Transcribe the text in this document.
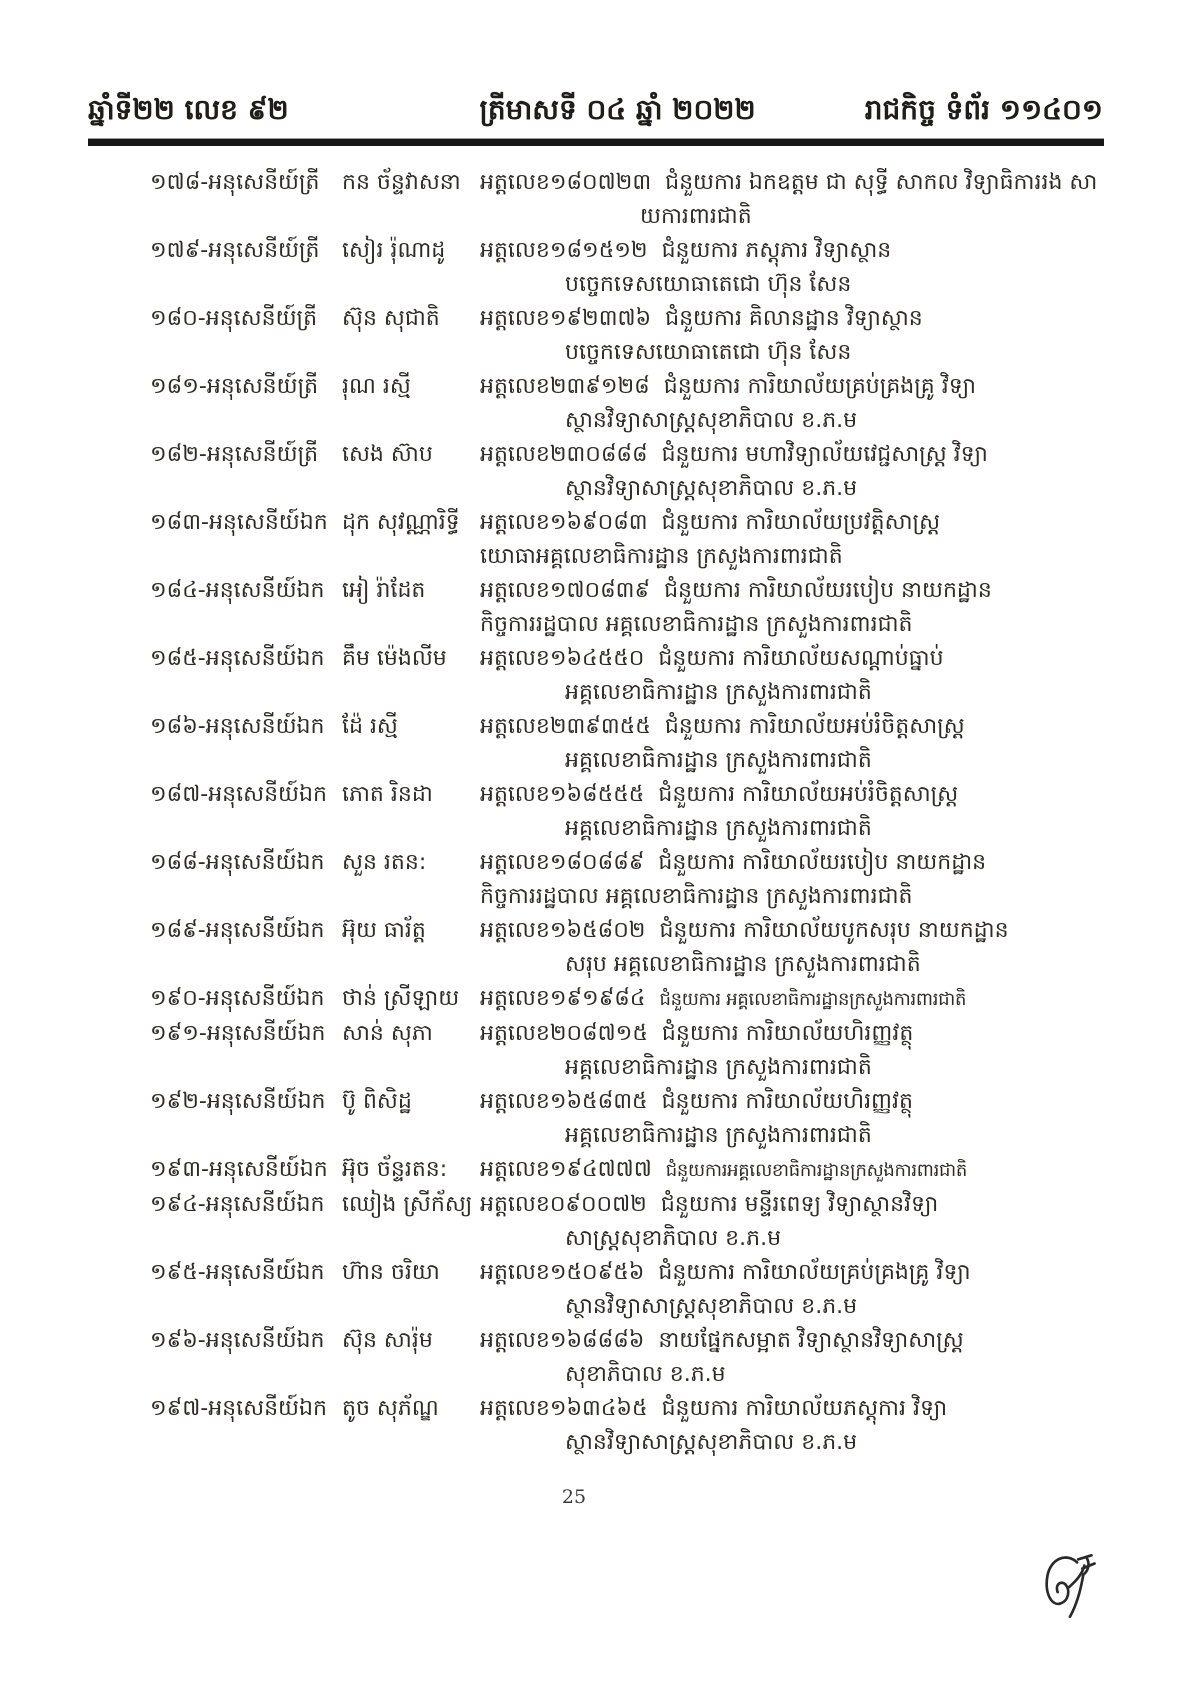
ឆ្នាំទី២២ លេខ ៩២	ត្រីមាសទី ០៤ ឆ្នាំ ២០២២	រាជកិច្ច ទំព័រ ១១៤០១
១៧៨-អនុសេនីយ៍ត្រី	កន ច័ន្ទវាសនា អត្តលេខ១៨០៧២៣ ជំនួយការ ឯកឧត្តម ជា សុទ្ធី សាកល វិទ្យាធិការរង សា
យការពារជាតិ
១៧៩-អនុសេនីយ៍ត្រី	សៀរ រ៉ុណាដូ	អត្តលេខ១៨១៥១២ ជំនួយការ ភស្តុភារ វិទ្យាស្ថាន
បច្ចេកទេសយោធាតេជោ ហ៊ុន សែន
១៨០-អនុសេនីយ៍ត្រី	ស៊ុន សុជាតិ	អត្តលេខ១៩២៣៧៦ ជំនួយការ គិលានដ្ឋាន វិទ្យាស្ថាន
បច្ចេកទេសយោធាតេជោ ហ៊ុន សែន
១៨១-អនុសេនីយ៍ត្រី	រុណ រស្មី	អត្តលេខ២៣៩១២៨ ជំនួយការ ការិយាល័យគ្រប់គ្រងគ្រូ វិទ្យា
ស្ថានវិទ្យាសាស្ត្រសុខាភិបាល ខ.ភ.ម
១៨២-អនុសេនីយ៍ត្រី	សេង ស៊ាប	អត្តលេខ២៣០៨៨៨ ជំនួយការ មហាវិទ្យាល័យវេជ្ជសាស្ត្រ វិទ្យា
ស្ថានវិទ្យាសាស្ត្រសុខាភិបាល ខ.ភ.ម
១៨៣-អនុសេនីយ៍ឯក ដុក សុវណ្ណារិទ្ធី អត្តលេខ១៦៩០៨៣ ជំនួយការ ការិយាល័យប្រវត្តិសាស្ត្រ
យោធាអគ្គលេខាធិការដ្ឋាន ក្រសួងការពារជាតិ
១៨៤-អនុសេនីយ៍ឯក អៀ រ៉ាដែត	អត្តលេខ១៧០៨៣៩ ជំនួយការ ការិយាល័យរបៀប នាយកដ្ឋាន
កិច្ចការរដ្ឋបាល អគ្គលេខាធិការដ្ឋាន ក្រសួងការពារជាតិ
១៨៥-អនុសេនីយ៍ឯក គឹម ម៉េងលីម	អត្តលេខ១៦៤៥៥០ ជំនួយការ ការិយាល័យសណ្ដាប់ធ្នាប់
អគ្គលេខាធិការដ្ឋាន ក្រសួងការពារជាតិ
១៨៦-អនុសេនីយ៍ឯក ដ៉ែ រស្មី	អត្តលេខ២៣៩៣៥៥ ជំនួយការ ការិយាល័យអប់រំចិត្តសាស្ត្រ
អគ្គលេខាធិការដ្ឋាន ក្រសួងការពារជាតិ
១៨៧-អនុសេនីយ៍ឯក ភោត រិនដា	អត្តលេខ១៦៨៥៥៥ ជំនួយការ ការិយាល័យអប់រំចិត្តសាស្ត្រ
អគ្គលេខាធិការដ្ឋាន ក្រសួងការពារជាតិ
១៨៨-អនុសេនីយ៍ឯក សួន រតន:	អត្តលេខ១៨០៨៨៩ ជំនួយការ ការិយាល័យរបៀប នាយកដ្ឋាន
កិច្ចការរដ្ឋបាល អគ្គលេខាធិការដ្ឋាន ក្រសួងការពារជាតិ
១៨៩-អនុសេនីយ៍ឯក អ៊ុយ ធារ័ត្ត	អត្តលេខ១៦៥៨០២ ជំនួយការ ការិយាល័យបូកសរុប នាយកដ្ឋាន
សរុប អគ្គលេខាធិការដ្ឋាន ក្រសួងការពារជាតិ
១៩០-អនុសេនីយ៍ឯក ថាន់ ស្រីឡាយ អត្តលេខ១៩១៩៨៤ ជំនួយការ អគ្គលេខាធិការដ្ឋានក្រសួងការពារជាតិ
១៩១-អនុសេនីយ៍ឯក សាន់ សុភា	អត្តលេខ២០៨៧១៥ ជំនួយការ ការិយាល័យហិរញ្ញវត្ថុ
អគ្គលេខាធិការដ្ឋាន ក្រសួងការពារជាតិ
១៩២-អនុសេនីយ៍ឯក ប៊ូ ពិសិដ្ឋ	អត្តលេខ១៦៥៨៣៥ ជំនួយការ ការិយាល័យហិរញ្ញវត្ថុ
អគ្គលេខាធិការដ្ឋាន ក្រសួងការពារជាតិ
១៩៣-អនុសេនីយ៍ឯក អ៊ុច ច័ន្ទរតន:	អត្តលេខ១៩៤៧៧៧ ជំនួយការអគ្គលេខាធិការដ្ឋានក្រសួងការពារជាតិ
១៩៤-អនុសេនីយ៍ឯក ឈៀង ស្រីក័ស្យ អត្តលេខ០៩០០៧២ ជំនួយការ មន្ទីរពេទ្យ វិទ្យាស្ថានវិទ្យា
សាស្ត្រសុខាភិបាល ខ.ភ.ម
១៩៥-អនុសេនីយ៍ឯក ហ៊ាន ចរិយា	អត្តលេខ១៥០៩៥៦ ជំនួយការ ការិយាល័យគ្រប់គ្រងគ្រូ វិទ្យា
ស្ថានវិទ្យាសាស្ត្រសុខាភិបាល ខ.ភ.ម
១៩៦-អនុសេនីយ៍ឯក ស៊ុន សារ៉ុម	អត្តលេខ១៦៨៨៨៦ នាយផ្នែកសម្អាត វិទ្យាស្ថានវិទ្យាសាស្ត្រ
សុខាភិបាល ខ.ភ.ម
១៩៧-អនុសេនីយ៍ឯក តូច សុភ័ណ្ឌ	អត្តលេខ១៦៣៤៦៥ ជំនួយការ ការិយាល័យភស្តុការ វិទ្យា
ស្ថានវិទ្យាសាស្ត្រសុខាភិបាល ខ.ភ.ម
25
